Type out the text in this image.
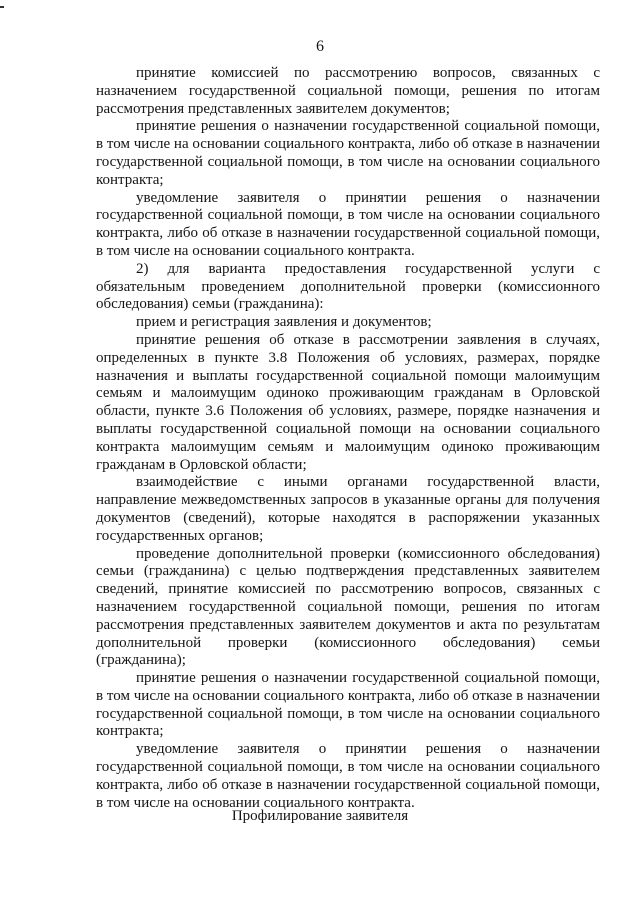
6

принятие комиссией по рассмотрению вопросов, связанных с назначением государственной социальной помощи, решения по итогам рассмотрения представленных заявителем документов;

принятие решения о назначении государственной социальной помощи, в том числе на основании социального контракта, либо об отказе в назначении государственной социальной помощи, в том числе на основании социального контракта;

уведомление заявителя о принятии решения о назначении государственной социальной помощи, в том числе на основании социального контракта, либо об отказе в назначении государственной социальной помощи, в том числе на основании социального контракта.

2) для варианта предоставления государственной услуги с обязательным проведением дополнительной проверки (комиссионного обследования) семьи (гражданина):

прием и регистрация заявления и документов;

принятие решения об отказе в рассмотрении заявления в случаях, определенных в пункте 3.8 Положения об условиях, размерах, порядке назначения и выплаты государственной социальной помощи малоимущим семьям и малоимущим одиноко проживающим гражданам в Орловской области, пункте 3.6 Положения об условиях, размере, порядке назначения и выплаты государственной социальной помощи на основании социального контракта малоимущим семьям и малоимущим одиноко проживающим гражданам в Орловской области;

взаимодействие с иными органами государственной власти, направление межведомственных запросов в указанные органы для получения документов (сведений), которые находятся в распоряжении указанных государственных органов;

проведение дополнительной проверки (комиссионного обследования) семьи (гражданина) с целью подтверждения представленных заявителем сведений, принятие комиссией по рассмотрению вопросов, связанных с назначением государственной социальной помощи, решения по итогам рассмотрения представленных заявителем документов и акта по результатам дополнительной проверки (комиссионного обследования) семьи (гражданина);

принятие решения о назначении государственной социальной помощи, в том числе на основании социального контракта, либо об отказе в назначении государственной социальной помощи, в том числе на основании социального контракта;

уведомление заявителя о принятии решения о назначении государственной социальной помощи, в том числе на основании социального контракта, либо об отказе в назначении государственной социальной помощи, в том числе на основании социального контракта.

Профилирование заявителя
